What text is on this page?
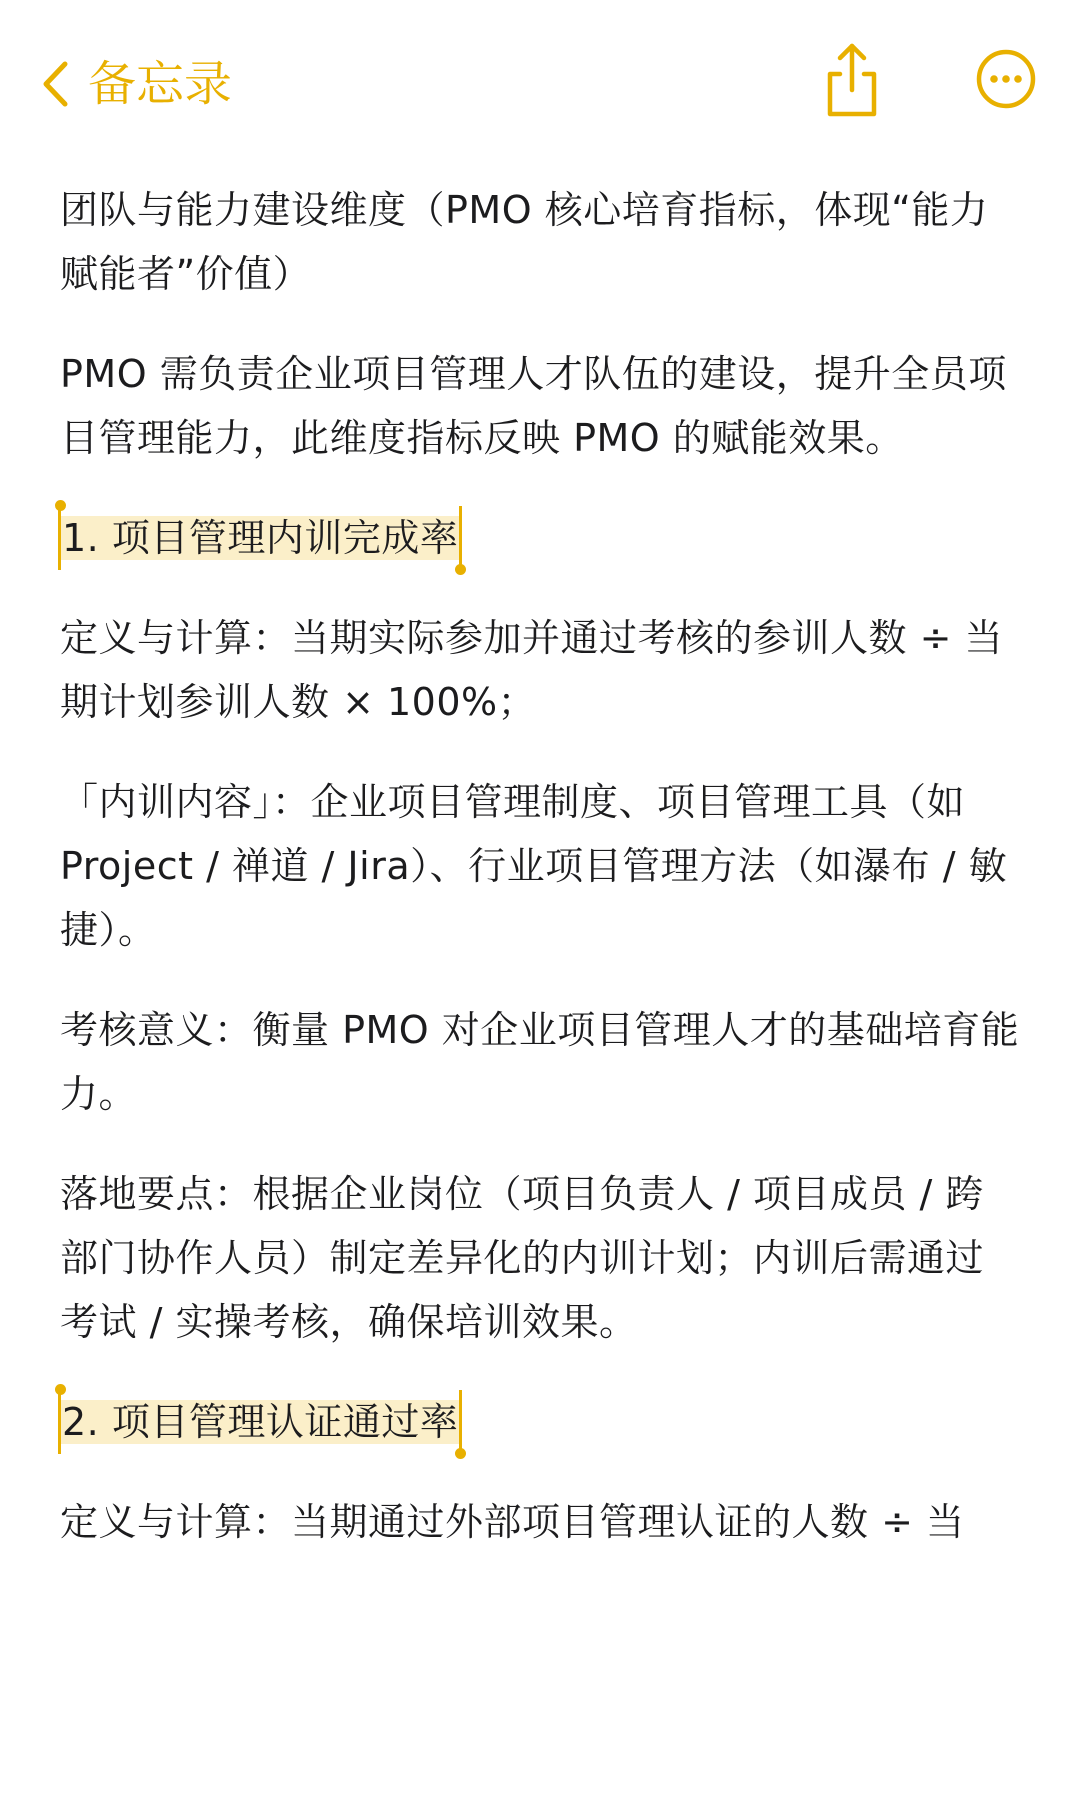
备忘录

团队与能力建设维度（PMO 核心培育指标，体现“能力赋能者”价值）

PMO 需负责企业项目管理人才队伍的建设，提升全员项目管理能力，此维度指标反映 PMO 的赋能效果。

1. 项目管理内训完成率

定义与计算：当期实际参加并通过考核的参训人数 ÷ 当期计划参训人数 × 100%；

「内训内容」：企业项目管理制度、项目管理工具（如 Project / 禅道 / Jira）、行业项目管理方法（如瀑布 / 敏捷）。

考核意义：衡量 PMO 对企业项目管理人才的基础培育能力。

落地要点：根据企业岗位（项目负责人 / 项目成员 / 跨部门协作人员）制定差异化的内训计划；内训后需通过考试 / 实操考核，确保培训效果。

2. 项目管理认证通过率

定义与计算：当期通过外部项目管理认证的人数 ÷ 当
